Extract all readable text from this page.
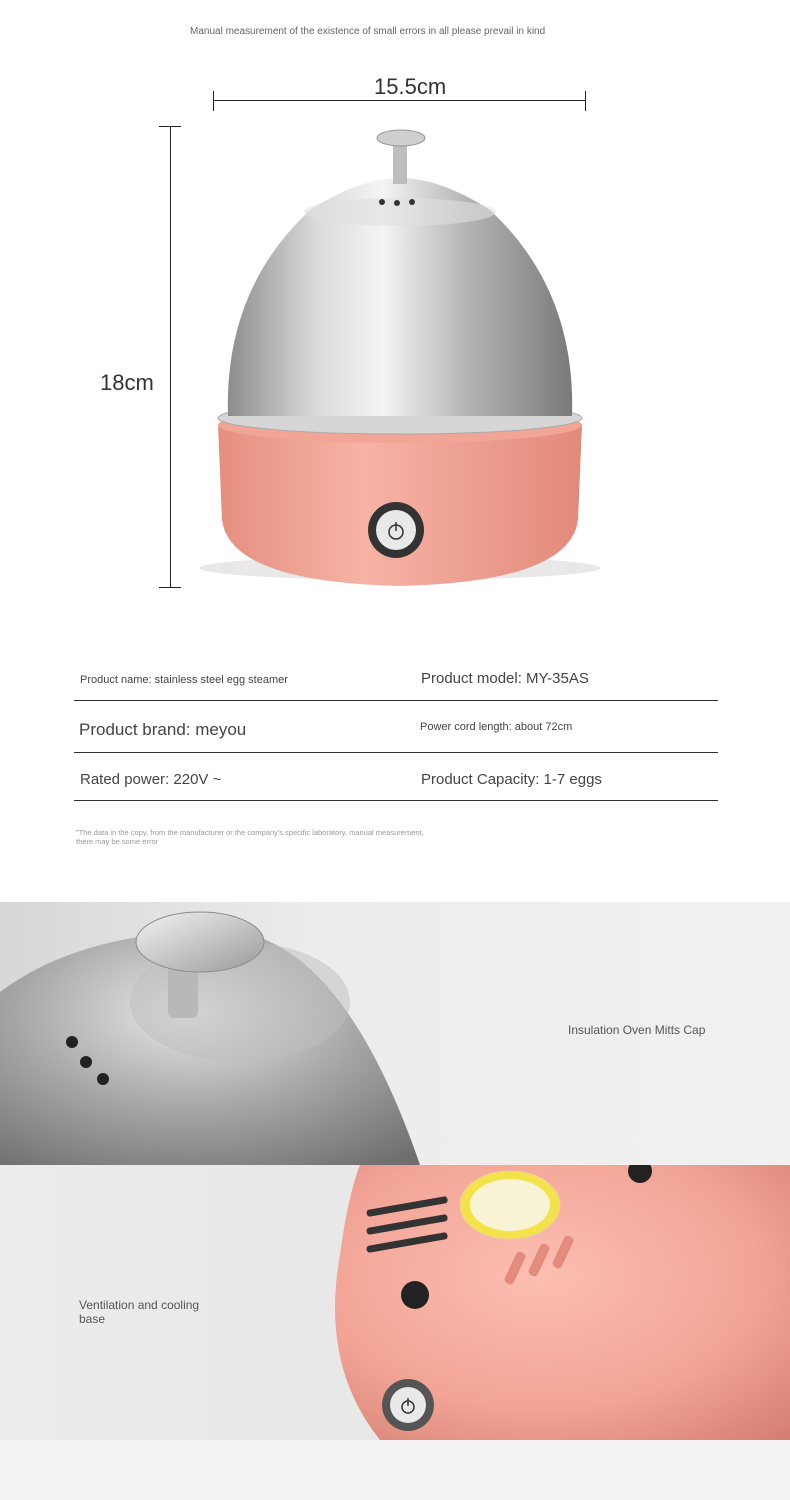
Manual measurement of the existence of small errors in all please prevail in kind
15.5cm
18cm
Product name: stainless steel egg steamer	Product model: MY-35AS
Product brand: meyou	Power cord length: about 72cm
Rated power: 220V ~	Product Capacity: 1-7 eggs
"The data in the copy, from the manufacturer or the company's specific laboratory, manual measurement, there may be some error
Insulation Oven Mitts Cap
Ventilation and cooling
base
